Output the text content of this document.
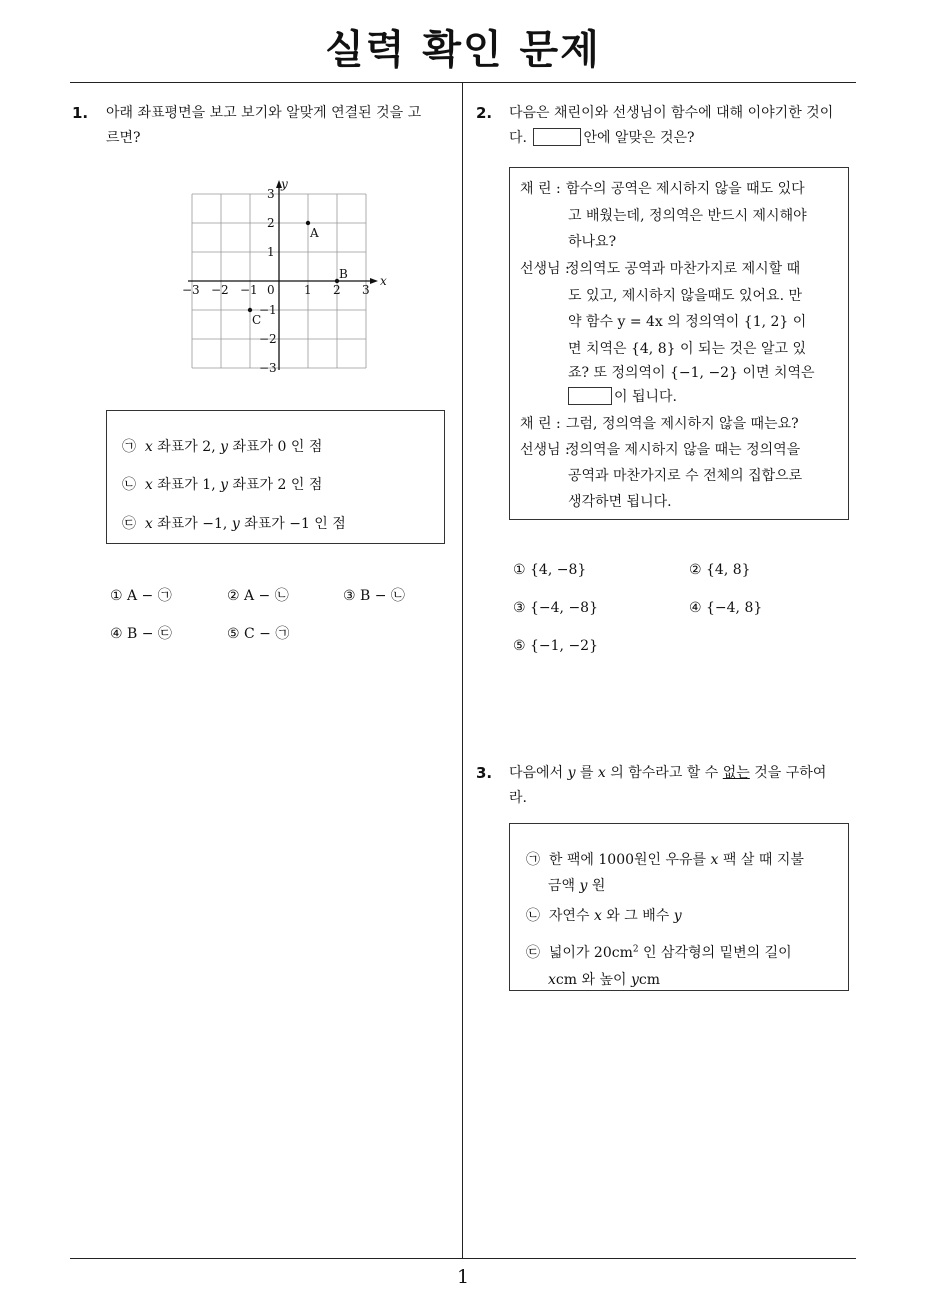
실력 확인 문제
1
1. 아래 좌표평면을 보고 보기와 알맞게 연결된 것을 고
르면?
x
y
−3 −2 −1 0 1 2 3
3
2
1
−1
−2
−3
A
B
C
㉠ x 좌표가 2, y 좌표가 0 인 점
㉡ x 좌표가 1, y 좌표가 2 인 점
㉢ x 좌표가 −1, y 좌표가 −1 인 점
① A − ㉠	② A − ㉡	③ B − ㉡
④ B − ㉢	⑤ C − ㉠
2. 다음은 채린이와 선생님이 함수에 대해 이야기한 것이
다.	안에 알맞은 것은?
채 린 : 함수의 공역은 제시하지 않을 때도 있다
고 배웠는데, 정의역은 반드시 제시해야
하나요?
선생님 :정의역도 공역과 마찬가지로 제시할 때
도 있고, 제시하지 않을때도 있어요. 만
약 함수 y = 4x 의 정의역이 {1, 2} 이
면 치역은 {4, 8} 이 되는 것은 알고 있
죠? 또 정의역이 {−1, −2} 이면 치역은
이 됩니다.
채 린 : 그럼, 정의역을 제시하지 않을 때는요?
선생님 :정의역을 제시하지 않을 때는 정의역을
공역과 마찬가지로 수 전체의 집합으로
생각하면 됩니다.
① {4, −8}	② {4, 8}
③ {−4, −8}	④ {−4, 8}
⑤ {−1, −2}
3. 다음에서 y 를 x 의 함수라고 할 수 없는 것을 구하여
라.
㉠ 한 팩에 1000원인 우유를 x 팩 살 때 지불
금액 y 원
㉡ 자연수 x 와 그 배수 y
㉢ 넓이가 $20cm^2$ 인 삼각형의 밑변의 길이
xcm 와 높이 ycm
